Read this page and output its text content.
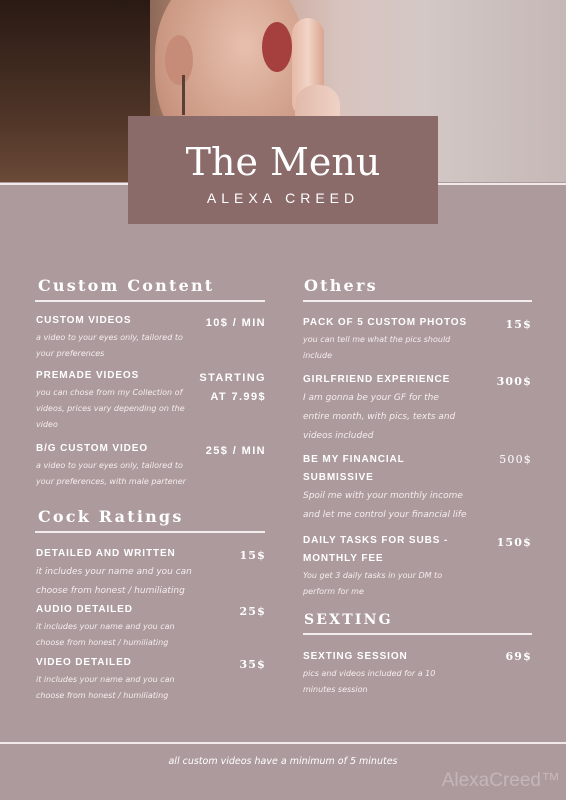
The Menu
ALEXA CREED
Custom Content
CUSTOM VIDEOS
a video to your eyes only, tailored to your preferences
10$ / MIN
PREMADE VIDEOS
you can chose from my Collection of videos, prices vary depending on the video
STARTING
AT 7.99$
B/G CUSTOM VIDEO
a video to your eyes only, tailored to your preferences, with male partener
25$ / MIN
Cock Ratings
DETAILED AND WRITTEN
it includes your name and you can choose from honest / humiliating
15$
AUDIO DETAILED
it includes your name and you can choose from honest / humiliating
25$
VIDEO DETAILED
it includes your name and you can choose from honest / humiliating
35$
Others
PACK OF 5 CUSTOM PHOTOS
you can tell me what the pics should include
15$
GIRLFRIEND EXPERIENCE
I am gonna be your GF for the entire month, with pics, texts and videos included
300$
BE MY FINANCIAL SUBMISSIVE
Spoil me with your monthly income and let me control your financial life
500$
DAILY TASKS FOR SUBS -
MONTHLY FEE
You get 3 daily tasks in your DM to perform for me
150$
SEXTING
SEXTING SESSION
pics and videos included for a 10 minutes session
69$
all custom videos have a minimum of 5 minutes
AlexaCreed™
